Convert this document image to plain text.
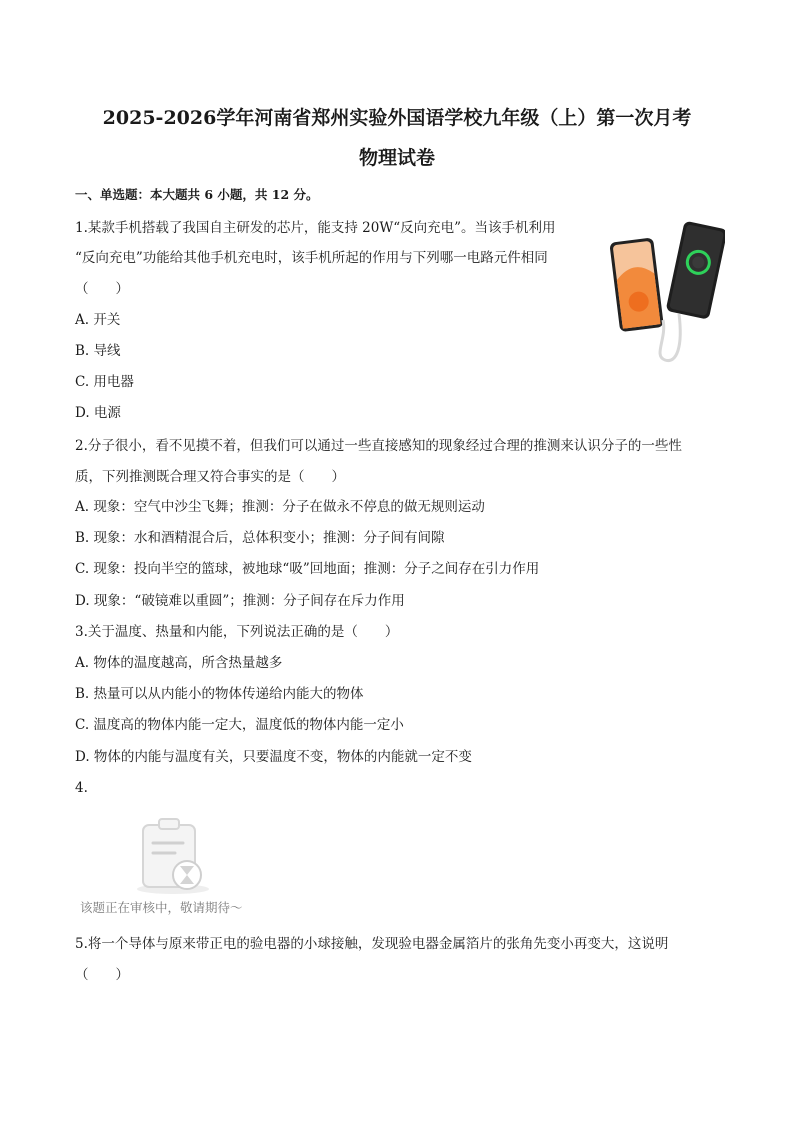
2025-2026学年河南省郑州实验外国语学校九年级（上）第一次月考
物理试卷
一、单选题：本大题共 6 小题，共 12 分。
1.某款手机搭载了我国自主研发的芯片，能支持 20W“反向充电”。当该手机利用
“反向充电”功能给其他手机充电时，该手机所起的作用与下列哪一电路元件相同
（　　）
A. 开关
B. 导线
C. 用电器
D. 电源
2.分子很小，看不见摸不着，但我们可以通过一些直接感知的现象经过合理的推测来认识分子的一些性
质，下列推测既合理又符合事实的是（　　）
A. 现象：空气中沙尘飞舞；推测：分子在做永不停息的做无规则运动
B. 现象：水和酒精混合后，总体积变小；推测：分子间有间隙
C. 现象：投向半空的篮球，被地球“吸”回地面；推测：分子之间存在引力作用
D. 现象：“破镜难以重圆”；推测：分子间存在斥力作用
3.关于温度、热量和内能，下列说法正确的是（　　）
A. 物体的温度越高，所含热量越多
B. 热量可以从内能小的物体传递给内能大的物体
C. 温度高的物体内能一定大，温度低的物体内能一定小
D. 物体的内能与温度有关，只要温度不变，物体的内能就一定不变
4.
该题正在审核中，敬请期待～
5.将一个导体与原来带正电的验电器的小球接触，发现验电器金属箔片的张角先变小再变大，这说明
（　　）
